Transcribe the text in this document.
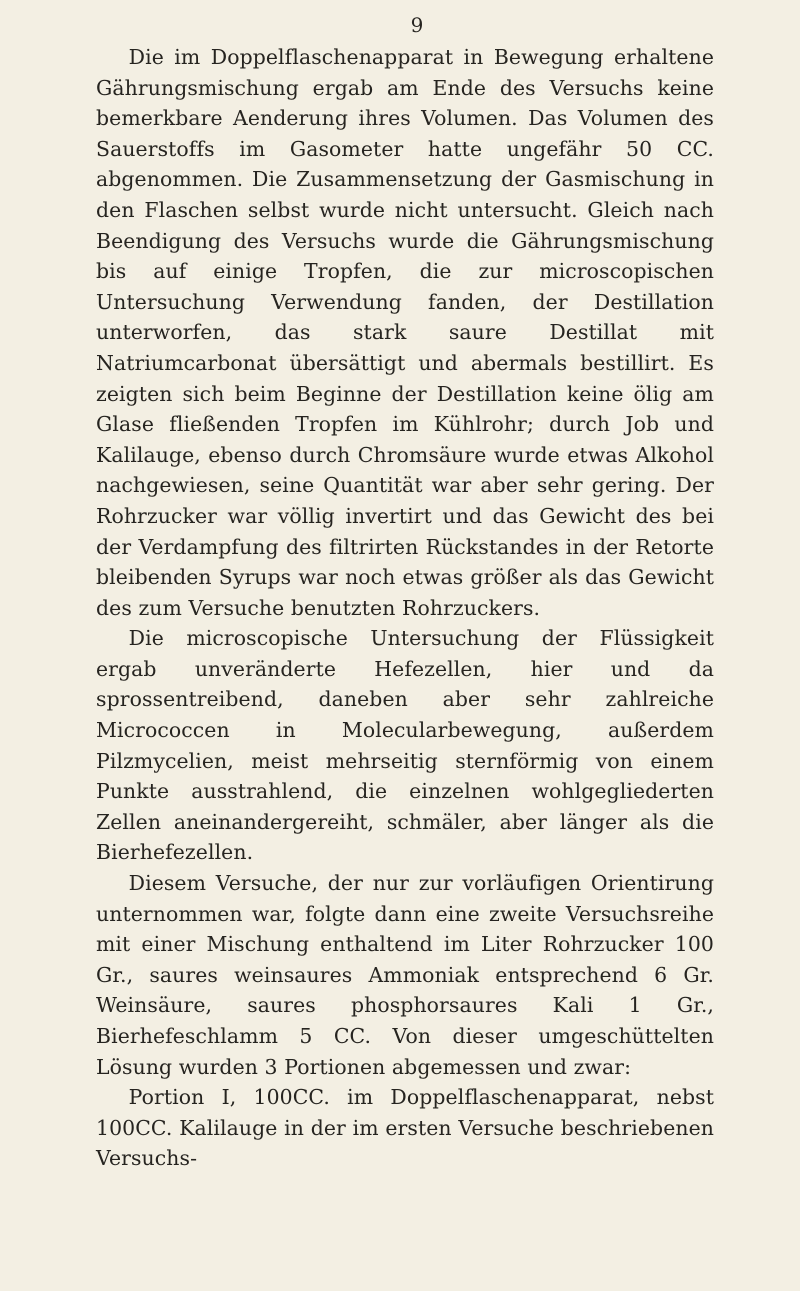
9

Die im Doppelflaschenapparat in Bewegung erhaltene Gährungsmischung ergab am Ende des Versuchs keine bemerkbare Aenderung ihres Volumen. Das Volumen des Sauerstoffs im Gasometer hatte ungefähr 50 CC. abgenommen. Die Zusammensetzung der Gasmischung in den Flaschen selbst wurde nicht untersucht. Gleich nach Beendigung des Versuchs wurde die Gährungsmischung bis auf einige Tropfen, die zur microscopischen Untersuchung Verwendung fanden, der Destillation unterworfen, das stark saure Destillat mit Natriumcarbonat übersättigt und abermals bestillirt. Es zeigten sich beim Beginne der Destillation keine ölig am Glase fließenden Tropfen im Kühlrohr; durch Job und Kalilauge, ebenso durch Chromsäure wurde etwas Alkohol nachgewiesen, seine Quantität war aber sehr gering. Der Rohrzucker war völlig invertirt und das Gewicht des bei der Verdampfung des filtrirten Rückstandes in der Retorte bleibenden Syrups war noch etwas größer als das Gewicht des zum Versuche benutzten Rohrzuckers.

Die microscopische Untersuchung der Flüssigkeit ergab unveränderte Hefezellen, hier und da sprossentreibend, daneben aber sehr zahlreiche Micrococcen in Molecularbewegung, außerdem Pilzmycelien, meist mehrseitig sternförmig von einem Punkte ausstrahlend, die einzelnen wohlgegliederten Zellen aneinandergereiht, schmäler, aber länger als die Bierhefezellen.

Diesem Versuche, der nur zur vorläufigen Orientirung unternommen war, folgte dann eine zweite Versuchsreihe mit einer Mischung enthaltend im Liter Rohrzucker 100 Gr., saures weinsaures Ammoniak entsprechend 6 Gr. Weinsäure, saures phosphorsaures Kali 1 Gr., Bierhefeschlamm 5 CC. Von dieser umgeschüttelten Lösung wurden 3 Portionen abgemessen und zwar:

Portion I, 100CC. im Doppelflaschenapparat, nebst 100CC. Kalilauge in der im ersten Versuche beschriebenen Versuchs-
